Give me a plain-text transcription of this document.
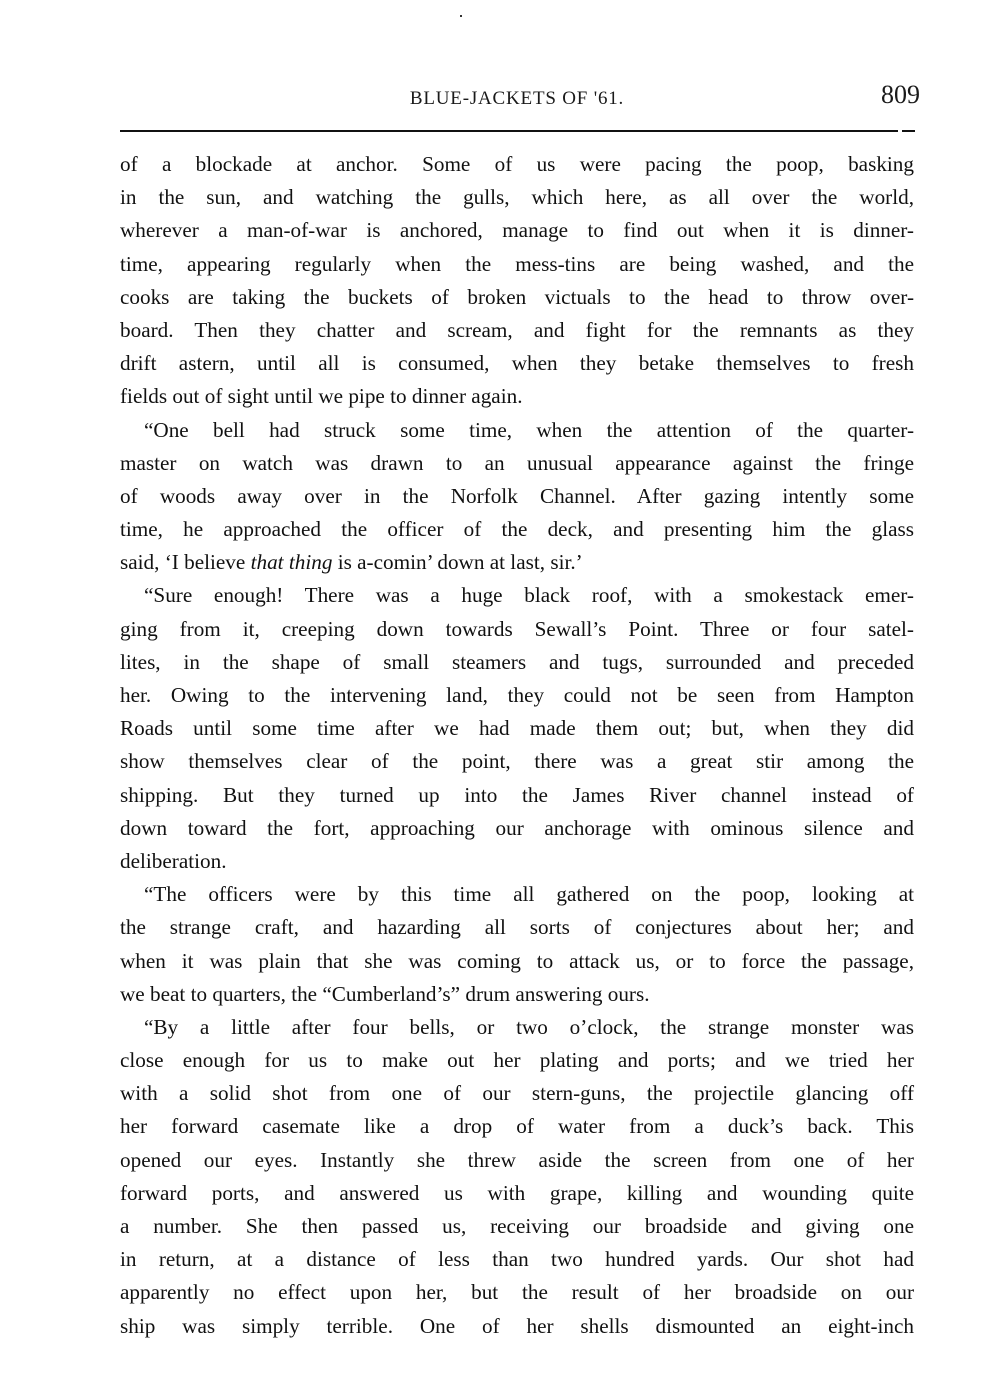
BLUE-JACKETS OF '61.	809
of a blockade at anchor. Some of us were pacing the poop, basking
in the sun, and watching the gulls, which here, as all over the world,
wherever a man-of-war is anchored, manage to find out when it is dinner-
time, appearing regularly when the mess-tins are being washed, and the
cooks are taking the buckets of broken victuals to the head to throw over-
board. Then they chatter and scream, and fight for the remnants as they
drift astern, until all is consumed, when they betake themselves to fresh
fields out of sight until we pipe to dinner again.
“One bell had struck some time, when the attention of the quarter-
master on watch was drawn to an unusual appearance against the fringe
of woods away over in the Norfolk Channel. After gazing intently some
time, he approached the officer of the deck, and presenting him the glass
said, ‘I believe that thing is a-comin’ down at last, sir.’
“Sure enough! There was a huge black roof, with a smokestack emer-
ging from it, creeping down towards Sewall’s Point. Three or four satel-
lites, in the shape of small steamers and tugs, surrounded and preceded
her. Owing to the intervening land, they could not be seen from Hampton
Roads until some time after we had made them out; but, when they did
show themselves clear of the point, there was a great stir among the
shipping. But they turned up into the James River channel instead of
down toward the fort, approaching our anchorage with ominous silence and
deliberation.
“The officers were by this time all gathered on the poop, looking at
the strange craft, and hazarding all sorts of conjectures about her; and
when it was plain that she was coming to attack us, or to force the passage,
we beat to quarters, the “Cumberland’s” drum answering ours.
“By a little after four bells, or two o’clock, the strange monster was
close enough for us to make out her plating and ports; and we tried her
with a solid shot from one of our stern-guns, the projectile glancing off
her forward casemate like a drop of water from a duck’s back. This
opened our eyes. Instantly she threw aside the screen from one of her
forward ports, and answered us with grape, killing and wounding quite
a number. She then passed us, receiving our broadside and giving one
in return, at a distance of less than two hundred yards. Our shot had
apparently no effect upon her, but the result of her broadside on our
ship was simply terrible. One of her shells dismounted an eight-inch
